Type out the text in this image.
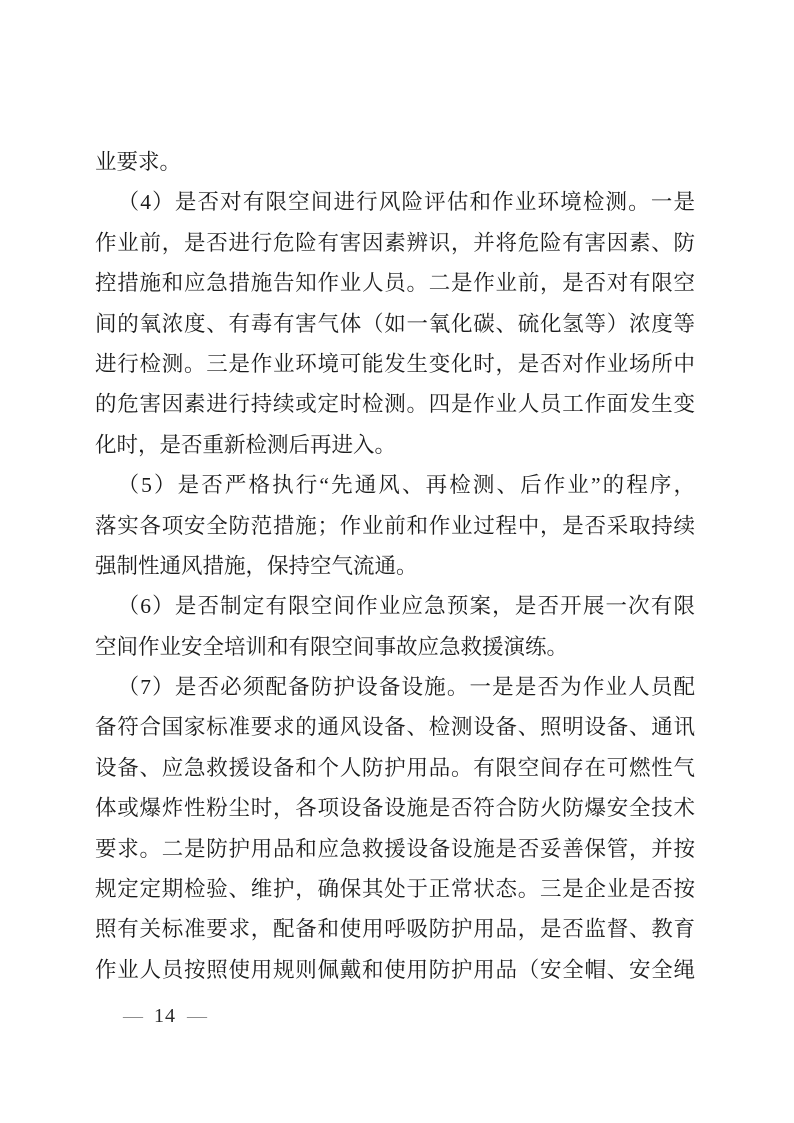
业要求。
（4）是否对有限空间进行风险评估和作业环境检测。一是
作业前，是否进行危险有害因素辨识，并将危险有害因素、防
控措施和应急措施告知作业人员。二是作业前，是否对有限空
间的氧浓度、有毒有害气体（如一氧化碳、硫化氢等）浓度等
进行检测。三是作业环境可能发生变化时，是否对作业场所中
的危害因素进行持续或定时检测。四是作业人员工作面发生变
化时，是否重新检测后再进入。
（5）是否严格执行“先通风、再检测、后作业”的程序，
落实各项安全防范措施；作业前和作业过程中，是否采取持续
强制性通风措施，保持空气流通。
（6）是否制定有限空间作业应急预案，是否开展一次有限
空间作业安全培训和有限空间事故应急救援演练。
（7）是否必须配备防护设备设施。一是是否为作业人员配
备符合国家标准要求的通风设备、检测设备、照明设备、通讯
设备、应急救援设备和个人防护用品。有限空间存在可燃性气
体或爆炸性粉尘时，各项设备设施是否符合防火防爆安全技术
要求。二是防护用品和应急救援设备设施是否妥善保管，并按
规定定期检验、维护，确保其处于正常状态。三是企业是否按
照有关标准要求，配备和使用呼吸防护用品，是否监督、教育
作业人员按照使用规则佩戴和使用防护用品（安全帽、安全绳
— 14 —
